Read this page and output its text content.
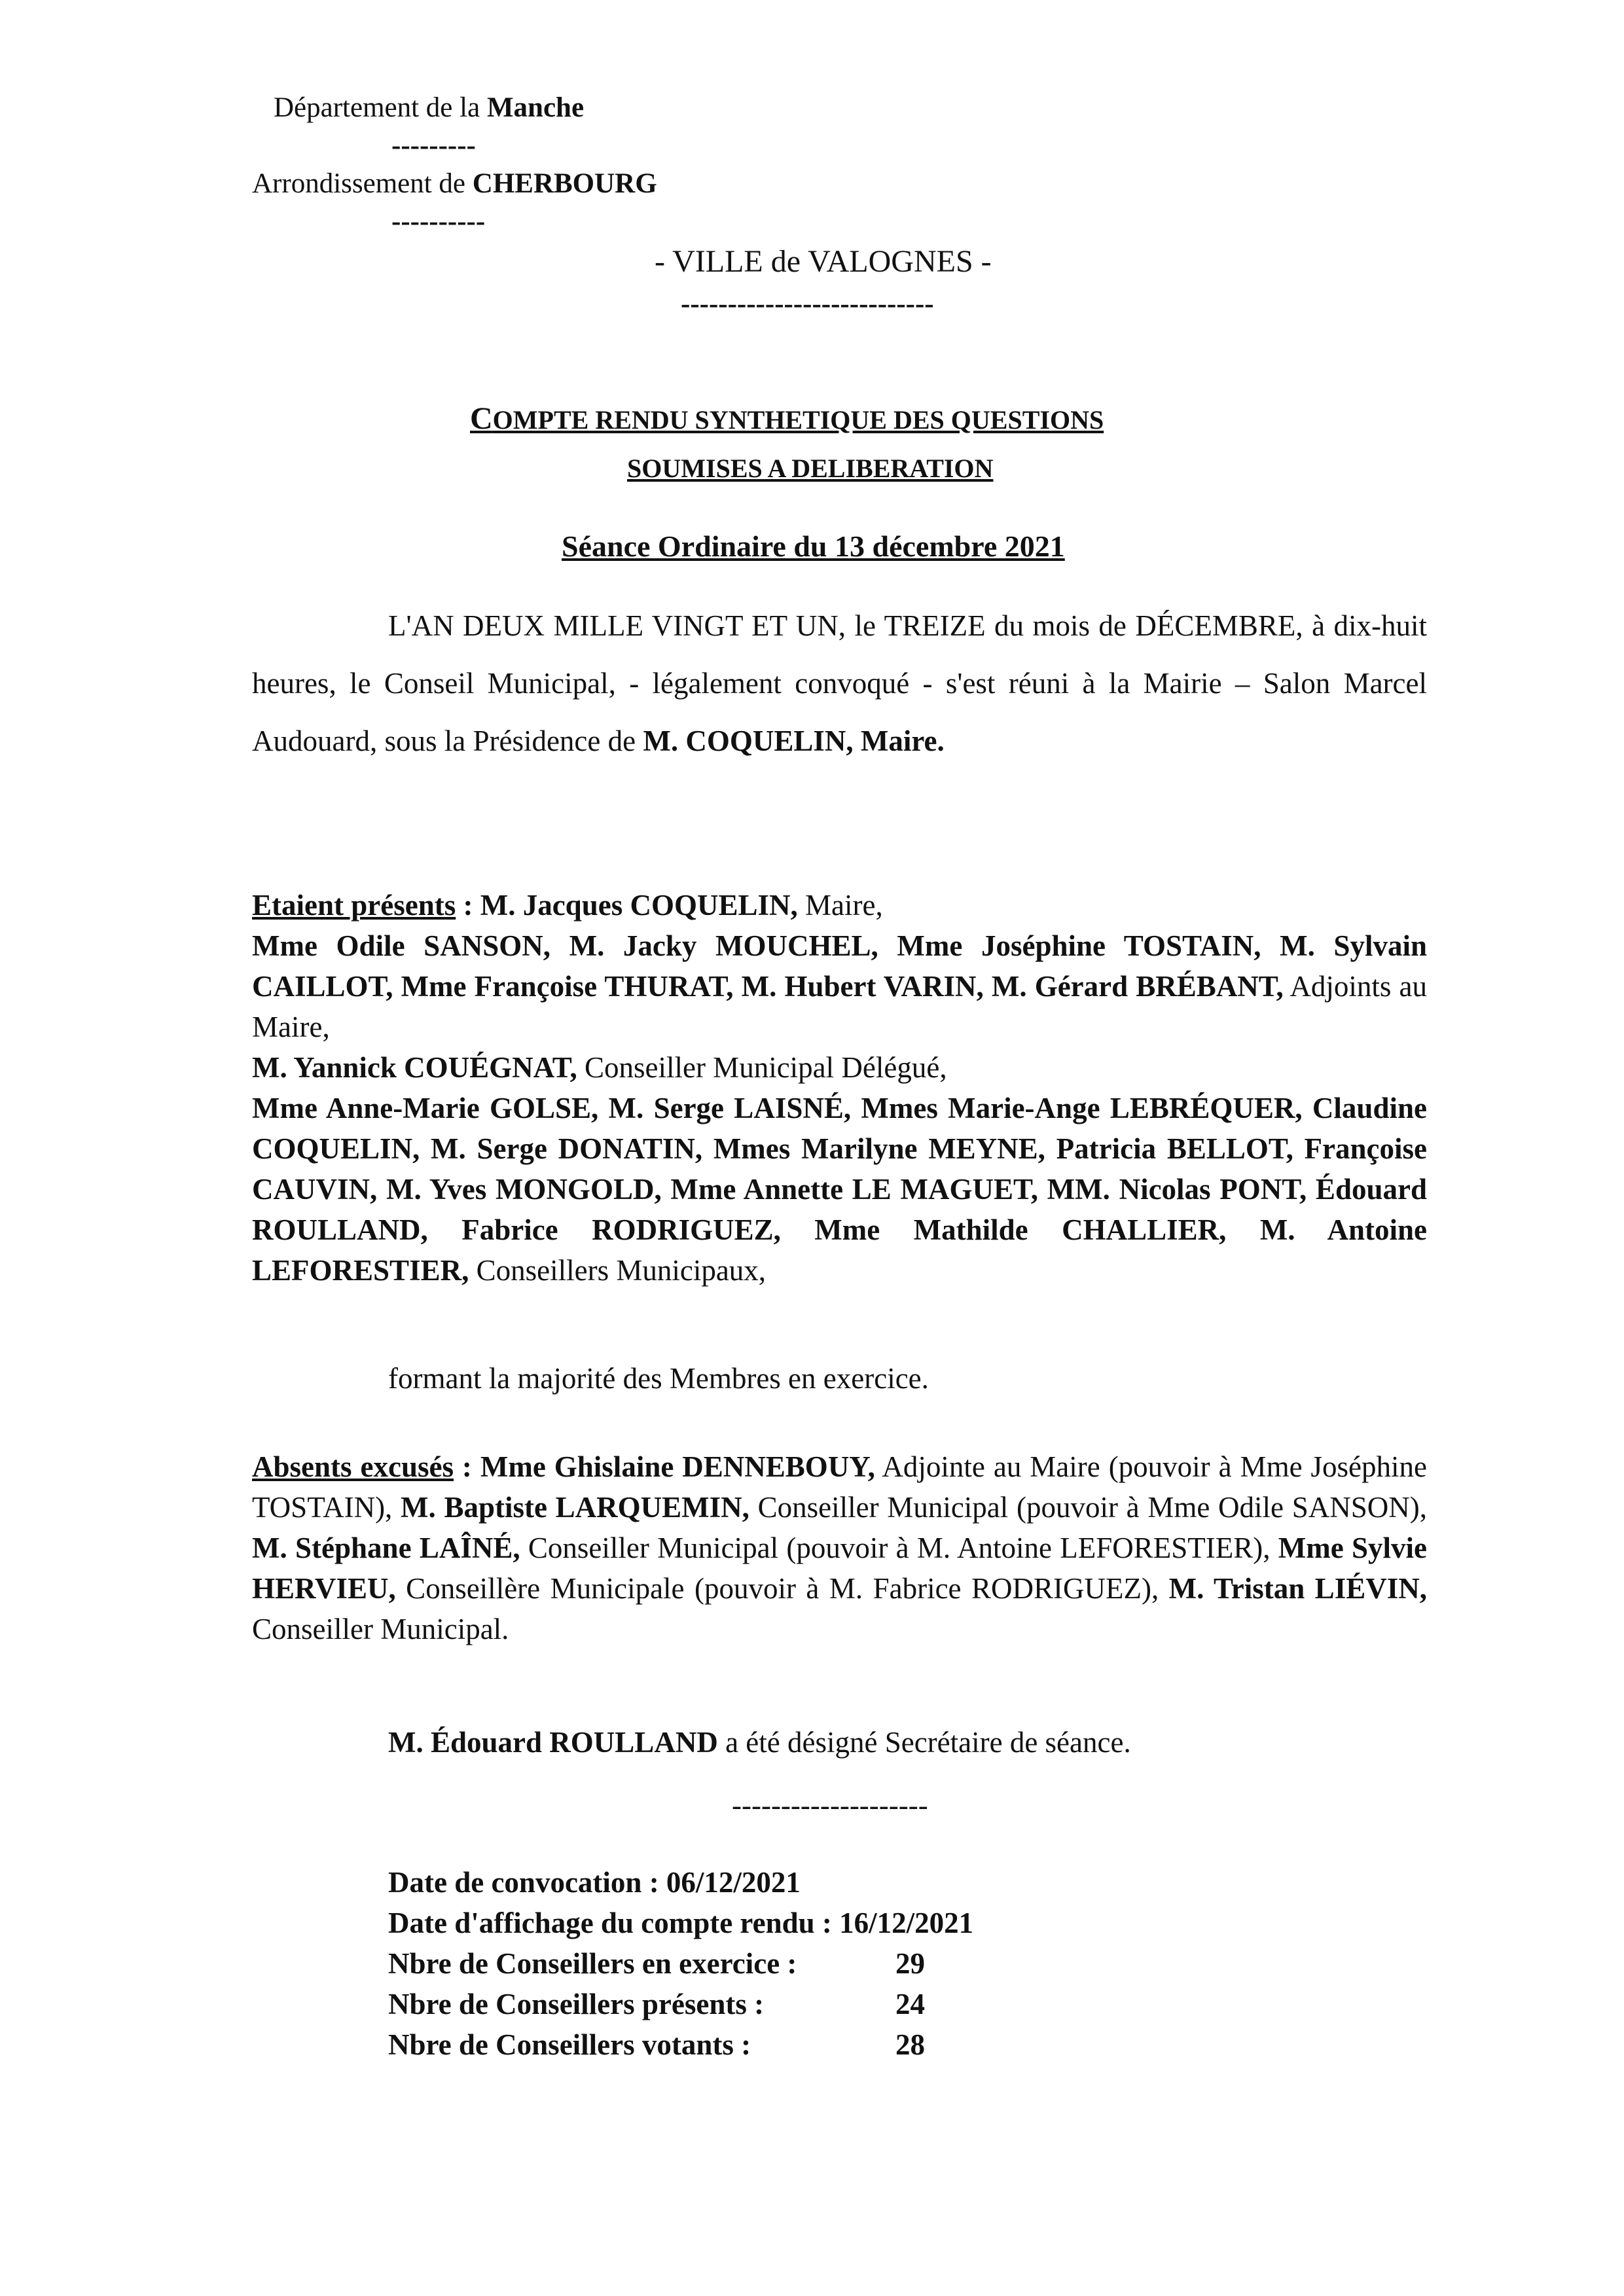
Département de la Manche
---------
Arrondissement de CHERBOURG
----------
- VILLE de VALOGNES -
---------------------------
COMPTE RENDU SYNTHETIQUE DES QUESTIONS
SOUMISES A DELIBERATION
Séance Ordinaire du 13 décembre 2021
L'AN DEUX MILLE VINGT ET UN, le TREIZE du mois de DÉCEMBRE, à dix-huit heures, le Conseil Municipal, - légalement convoqué - s'est réuni à la Mairie – Salon Marcel Audouard, sous la Présidence de M. COQUELIN, Maire.
Etaient présents : M. Jacques COQUELIN, Maire,
Mme Odile SANSON, M. Jacky MOUCHEL, Mme Joséphine TOSTAIN, M. Sylvain CAILLOT, Mme Françoise THURAT, M. Hubert VARIN, M. Gérard BRÉBANT, Adjoints au Maire,
M. Yannick COUÉGNAT, Conseiller Municipal Délégué,
Mme Anne-Marie GOLSE, M. Serge LAISNÉ, Mmes Marie-Ange LEBRÉQUER, Claudine COQUELIN, M. Serge DONATIN, Mmes Marilyne MEYNE, Patricia BELLOT, Françoise CAUVIN, M. Yves MONGOLD, Mme Annette LE MAGUET, MM. Nicolas PONT, Édouard ROULLAND, Fabrice RODRIGUEZ, Mme Mathilde CHALLIER, M. Antoine LEFORESTIER, Conseillers Municipaux,
formant la majorité des Membres en exercice.
Absents excusés : Mme Ghislaine DENNEBOUY, Adjointe au Maire (pouvoir à Mme Joséphine TOSTAIN), M. Baptiste LARQUEMIN, Conseiller Municipal (pouvoir à Mme Odile SANSON), M. Stéphane LAÎNÉ, Conseiller Municipal (pouvoir à M. Antoine LEFORESTIER), Mme Sylvie HERVIEU, Conseillère Municipale (pouvoir à M. Fabrice RODRIGUEZ), M. Tristan LIÉVIN, Conseiller Municipal.
M. Édouard ROULLAND a été désigné Secrétaire de séance.
--------------------
Date de convocation : 06/12/2021
Date d'affichage du compte rendu : 16/12/2021
Nbre de Conseillers en exercice :	29
Nbre de Conseillers présents :	24
Nbre de Conseillers votants :	28
